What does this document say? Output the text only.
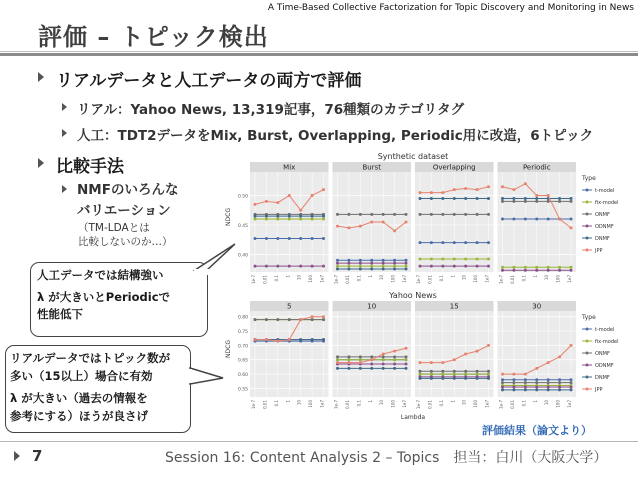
A Time-Based Collective Factorization for Topic Discovery and Monitoring in News
評価 – トピック検出
リアルデータと人工データの両方で評価
リアル：Yahoo News, 13,319記事，76種類のカテゴリタグ
人工：TDT2データをMix, Burst, Overlapping, Periodic用に改造，6トピック
比較手法
NMFのいろんな
バリエーション
（TM-LDAとは
比較しないのか…）
Synthetic dataset
NDCG
0.40
0.45
0.50
Mix
1e-7 0.01 0.1 1 10 100 1e7
Burst
1e-7 0.01 0.1 1 10 100 1e7
Overlapping
1e-7 0.01 0.1 1 10 100 1e7
Periodic
1e-7 0.01 0.1 1 10 100 1e7
Type
t-model
fix-model
ONMF
ODNMF
DNMF
JPP
Yahoo News
NDCG
0.55
0.60
0.65
0.70
0.75
0.80
5
1e-7 0.01 0.1 1 10 100 1e7
10
1e-7 0.01 0.1 1 10 100 1e7
15
1e-7 0.01 0.1 1 10 100 1e7
30
1e-7 0.01 0.1 1 10 100 1e7
Lambda
Type
t-model
fix-model
ONMF
ODNMF
DNMF
JPP

人工データでは結構強い

λ が大きいとPeriodicで

性能低下

リアルデータではトピック数が

多い（15以上）場合に有効

λ が大きい（過去の情報を

参考にする）ほうが良さげ

評価結果（論文より）
7	Session 16: Content Analysis 2 – Topics　担当：白川（大阪大学）
